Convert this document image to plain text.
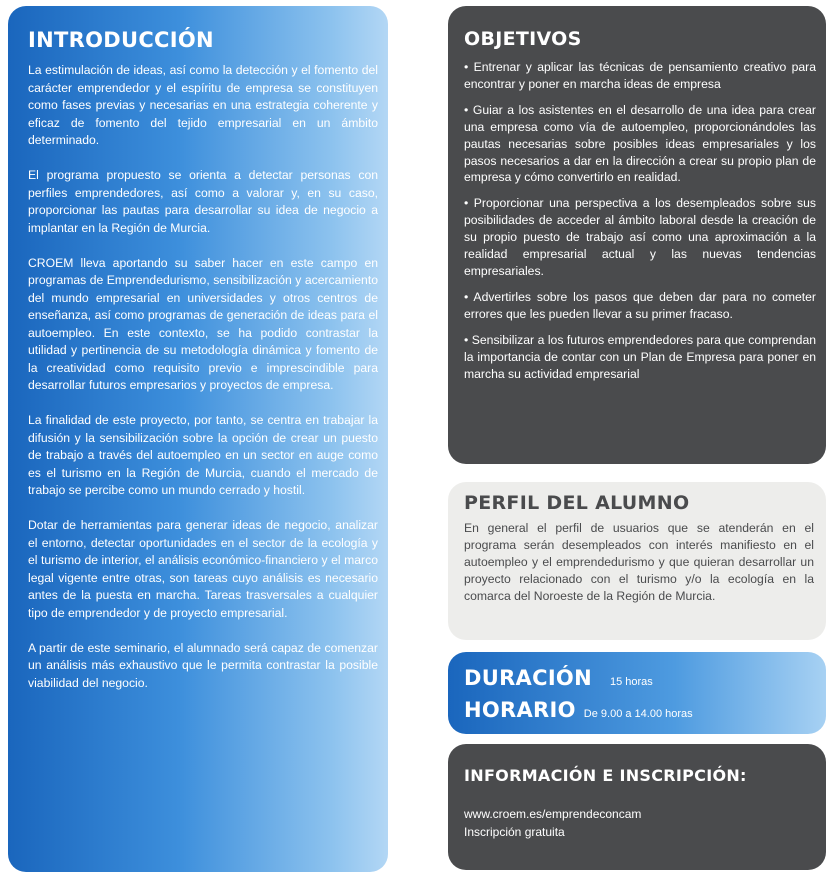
INTRODUCCIÓN

La estimulación de ideas, así como la detección y el fomento del carácter emprendedor y el espíritu de empresa se constituyen como fases previas y necesarias en una estrategia coherente y eficaz de fomento del tejido empresarial en un ámbito determinado.

El programa propuesto se orienta a detectar personas con perfiles emprendedores, así como a valorar y, en su caso, proporcionar las pautas para desarrollar su idea de negocio a implantar en la Región de Murcia.

CROEM lleva aportando su saber hacer en este campo en programas de Emprendedurismo, sensibilización y acercamiento del mundo empresarial en universidades y otros centros de enseñanza, así como programas de generación de ideas para el autoempleo. En este contexto, se ha podido contrastar la utilidad y pertinencia de su metodología dinámica y fomento de la creatividad como requisito previo e imprescindible para desarrollar futuros empresarios y proyectos de empresa.

La finalidad de este proyecto, por tanto, se centra en trabajar la difusión y la sensibilización sobre la opción de crear un puesto de trabajo a través del autoempleo en un sector en auge como es el turismo en la Región de Murcia, cuando el mercado de trabajo se percibe como un mundo cerrado y hostil.

Dotar de herramientas para generar ideas de negocio, analizar el entorno, detectar oportunidades en el sector de la ecología y el turismo de interior, el análisis económico-financiero y el marco legal vigente entre otras, son tareas cuyo análisis es necesario antes de la puesta en marcha. Tareas trasversales a cualquier tipo de emprendedor y de proyecto empresarial.

A partir de este seminario, el alumnado será capaz de comenzar un análisis más exhaustivo que le permita contrastar la posible viabilidad del negocio.

OBJETIVOS

• Entrenar y aplicar las técnicas de pensamiento creativo para encontrar y poner en marcha ideas de empresa

• Guiar a los asistentes en el desarrollo de una idea para crear una empresa como vía de autoempleo, proporcionándoles las pautas necesarias sobre posibles ideas empresariales y los pasos necesarios a dar en la dirección a crear su propio plan de empresa y cómo convertirlo en realidad.

• Proporcionar una perspectiva a los desempleados sobre sus posibilidades de acceder al ámbito laboral desde la creación de su propio puesto de trabajo así como una aproximación a la realidad empresarial actual y las nuevas tendencias empresariales.

• Advertirles sobre los pasos que deben dar para no cometer errores que les pueden llevar a su primer fracaso.

• Sensibilizar a los futuros emprendedores para que comprendan la importancia de contar con un Plan de Empresa para poner en marcha su actividad empresarial

PERFIL DEL ALUMNO

En general el perfil de usuarios que se atenderán en el programa serán desempleados con interés manifiesto en el autoempleo y el emprendedurismo y que quieran desarrollar un proyecto relacionado con el turismo y/o la ecología en la comarca del Noroeste de la Región de Murcia.

DURACIÓN 15 horas
HORARIO De 9.00 a 14.00 horas
INFORMACIÓN E INSCRIPCIÓN:
www.croem.es/emprendeconcam
Inscripción gratuita
